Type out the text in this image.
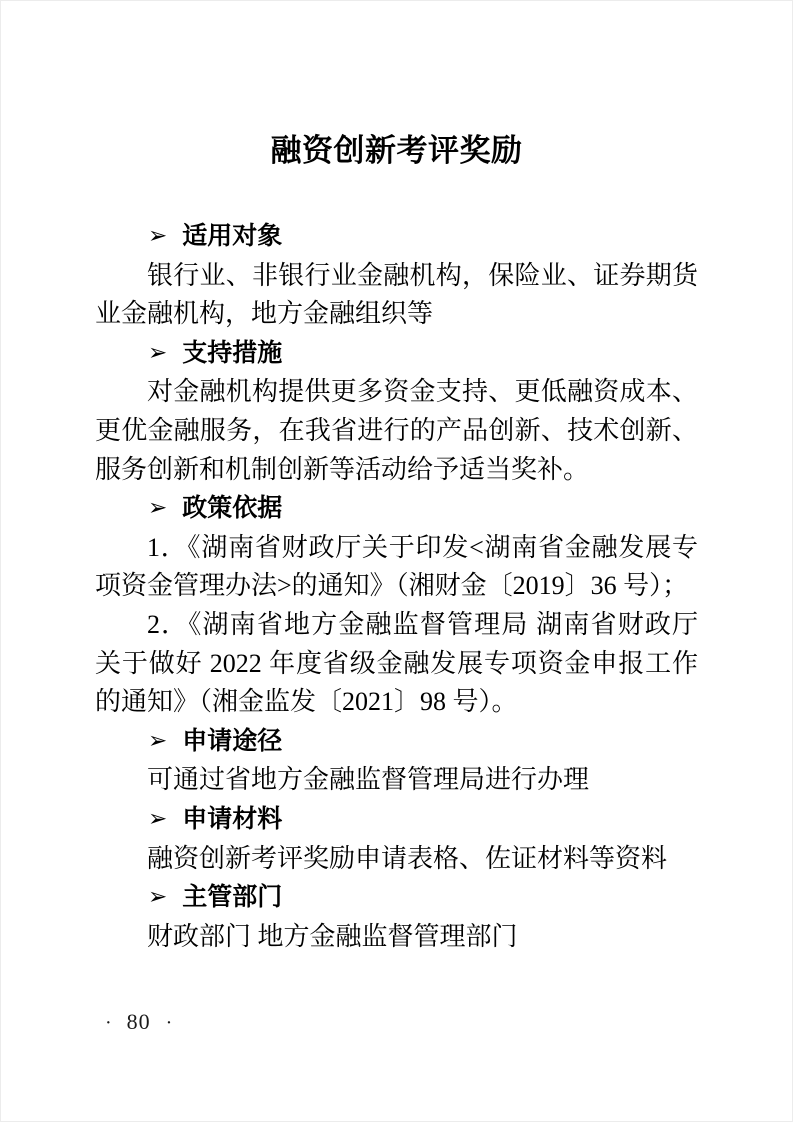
融资创新考评奖励
➢ 适用对象

银行业、非银行业金融机构，保险业、证券期货业金融机构，地方金融组织等

➢ 支持措施

对金融机构提供更多资金支持、更低融资成本、更优金融服务，在我省进行的产品创新、技术创新、服务创新和机制创新等活动给予适当奖补。

➢ 政策依据

1．《湖南省财政厅关于印发<湖南省金融发展专项资金管理办法>的通知》（湘财金〔2019〕36 号）；

2．《湖南省地方金融监督管理局 湖南省财政厅关于做好 2022 年度省级金融发展专项资金申报工作的通知》（湘金监发〔2021〕98 号）。

➢ 申请途径

可通过省地方金融监督管理局进行办理

➢ 申请材料

融资创新考评奖励申请表格、佐证材料等资料

➢ 主管部门

财政部门 地方金融监督管理部门

· 80 ·
